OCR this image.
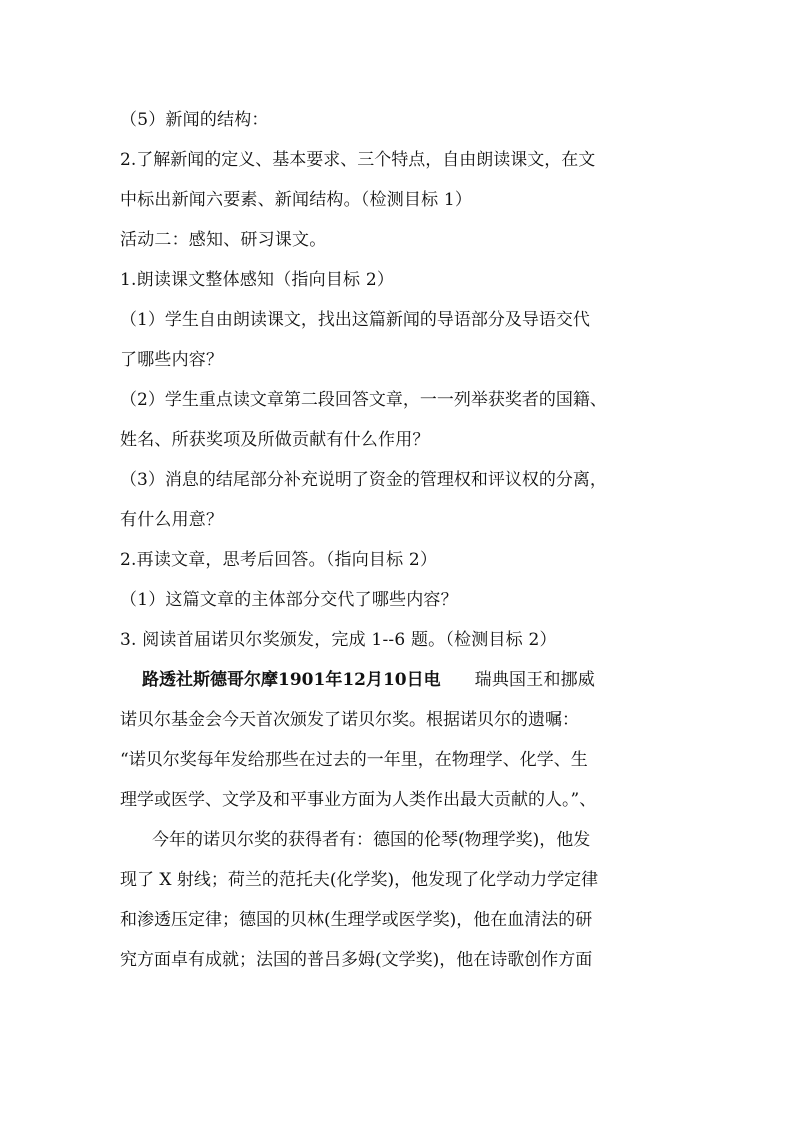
（5）新闻的结构：
2.了解新闻的定义、基本要求、三个特点，自由朗读课文，在文
中标出新闻六要素、新闻结构。（检测目标 1）
活动二：感知、研习课文。
1.朗读课文整体感知（指向目标 2）
（1）学生自由朗读课文，找出这篇新闻的导语部分及导语交代
了哪些内容？
（2）学生重点读文章第二段回答文章，一一列举获奖者的国籍、
姓名、所获奖项及所做贡献有什么作用？
（3）消息的结尾部分补充说明了资金的管理权和评议权的分离，
有什么用意？
2.再读文章，思考后回答。（指向目标 2）
（1）这篇文章的主体部分交代了哪些内容？
3. 阅读首届诺贝尔奖颁发，完成 1--6 题。（检测目标 2）
路透社斯德哥尔摩1901年12月10日电 瑞典国王和挪威
诺贝尔基金会今天首次颁发了诺贝尔奖。根据诺贝尔的遗嘱：
“诺贝尔奖每年发给那些在过去的一年里，在物理学、化学、生
理学或医学、文学及和平事业方面为人类作出最大贡献的人。”、
今年的诺贝尔奖的获得者有：德国的伦琴(物理学奖)，他发
现了 X 射线；荷兰的范托夫(化学奖)，他发现了化学动力学定律
和渗透压定律；德国的贝林(生理学或医学奖)，他在血清法的研
究方面卓有成就；法国的普吕多姆(文学奖)，他在诗歌创作方面
